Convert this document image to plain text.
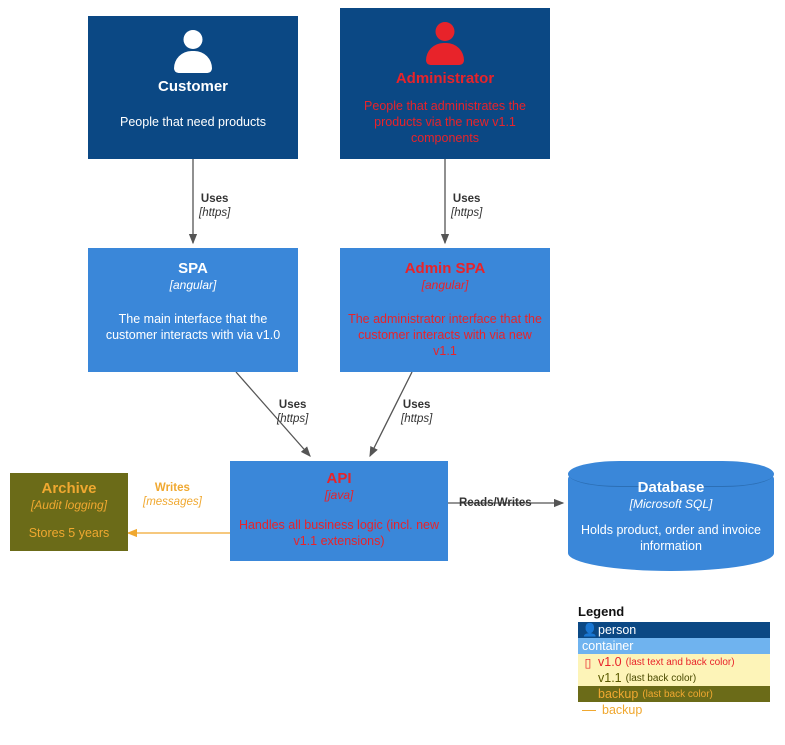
Customer
People that need products
Administrator
People that administrates the products via the new v1.1 components
SPA
[angular]
The main interface that the customer interacts with via v1.0
Admin SPA
[angular]
The administrator interface that the customer interacts with via new v1.1
API
[java]
Handles all business logic (incl. new v1.1 extensions)
Archive
[Audit logging]
Stores 5 years
Database
[Microsoft SQL]
Holds product, order and invoice information
Uses
[https]
Uses
[https]
Uses
[https]
Uses
[https]
Writes
[messages]	Reads/Writes
Legend
👤 person
container
▯ v1.0 (last text and back color)
v1.1 (last back color)
backup (last back color)
backup
